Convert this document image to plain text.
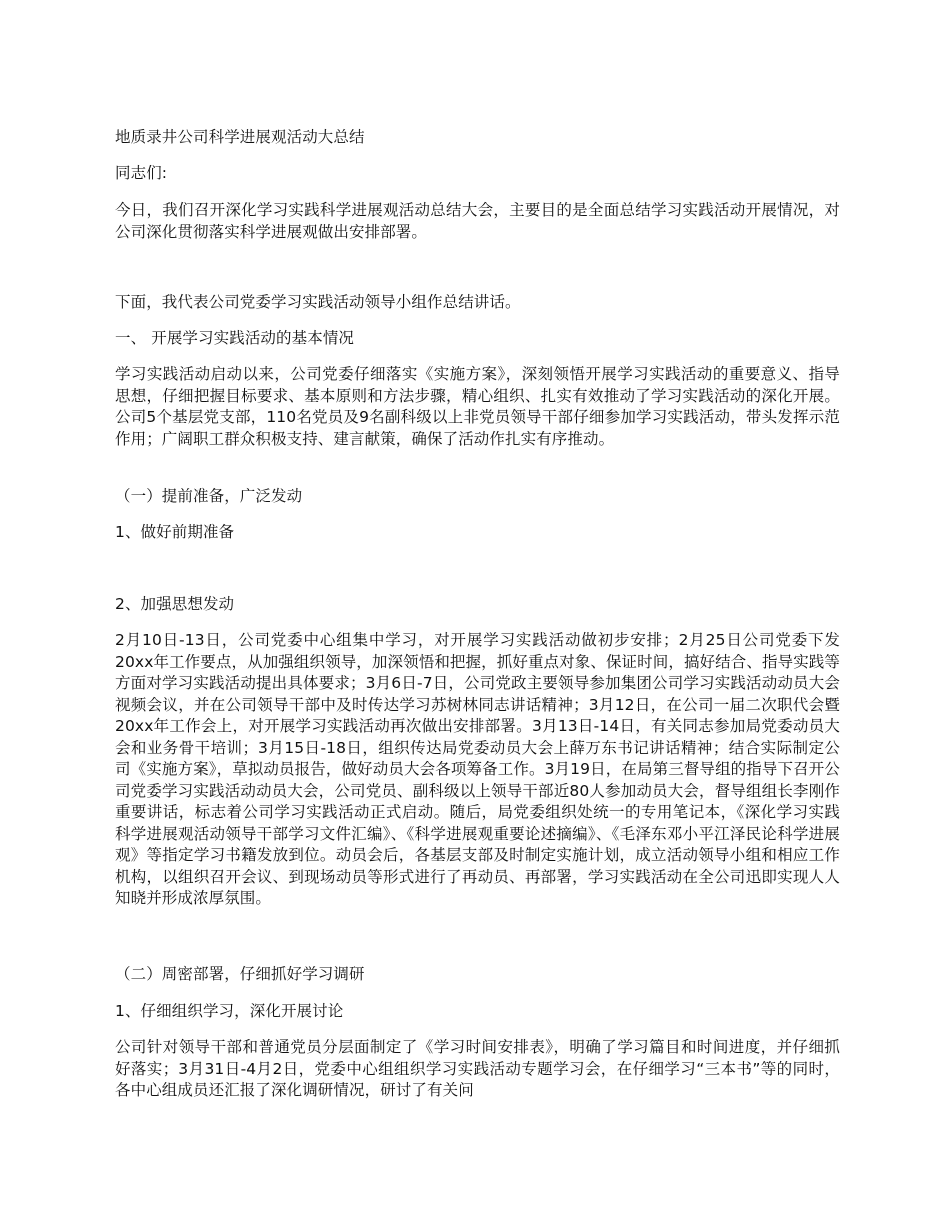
地质录井公司科学进展观活动大总结

同志们:

今日，我们召开深化学习实践科学进展观活动总结大会，主要目的是全面总结学习实践活动开展情况，对公司深化贯彻落实科学进展观做出安排部署。

下面，我代表公司党委学习实践活动领导小组作总结讲话。

一、 开展学习实践活动的基本情况

学习实践活动启动以来，公司党委仔细落实《实施方案》，深刻领悟开展学习实践活动的重要意义、指导思想，仔细把握目标要求、基本原则和方法步骤，精心组织、扎实有效推动了学习实践活动的深化开展。公司5个基层党支部，110名党员及9名副科级以上非党员领导干部仔细参加学习实践活动，带头发挥示范作用；广阔职工群众积极支持、建言献策，确保了活动作扎实有序推动。

（一）提前准备，广泛发动

1、做好前期准备

2、加强思想发动

2月10日-13日，公司党委中心组集中学习，对开展学习实践活动做初步安排；2月25日公司党委下发20xx年工作要点，从加强组织领导，加深领悟和把握，抓好重点对象、保证时间，搞好结合、指导实践等方面对学习实践活动提出具体要求；3月6日-7日，公司党政主要领导参加集团公司学习实践活动动员大会视频会议，并在公司领导干部中及时传达学习苏树林同志讲话精神；3月12日，在公司一届二次职代会暨20xx年工作会上，对开展学习实践活动再次做出安排部署。3月13日-14日，有关同志参加局党委动员大会和业务骨干培训；3月15日-18日，组织传达局党委动员大会上薛万东书记讲话精神；结合实际制定公司《实施方案》，草拟动员报告，做好动员大会各项筹备工作。3月19日，在局第三督导组的指导下召开公司党委学习实践活动动员大会，公司党员、副科级以上领导干部近80人参加动员大会，督导组组长李刚作重要讲话，标志着公司学习实践活动正式启动。随后，局党委组织处统一的专用笔记本，《深化学习实践科学进展观活动领导干部学习文件汇编》、《科学进展观重要论述摘编》、《毛泽东邓小平江泽民论科学进展观》等指定学习书籍发放到位。动员会后，各基层支部及时制定实施计划，成立活动领导小组和相应工作机构，以组织召开会议、到现场动员等形式进行了再动员、再部署，学习实践活动在全公司迅即实现人人知晓并形成浓厚氛围。

（二）周密部署，仔细抓好学习调研

1、仔细组织学习，深化开展讨论

公司针对领导干部和普通党员分层面制定了《学习时间安排表》，明确了学习篇目和时间进度，并仔细抓好落实；3月31日-4月2日，党委中心组组织学习实践活动专题学习会，在仔细学习“三本书”等的同时，各中心组成员还汇报了深化调研情况，研讨了有关问
